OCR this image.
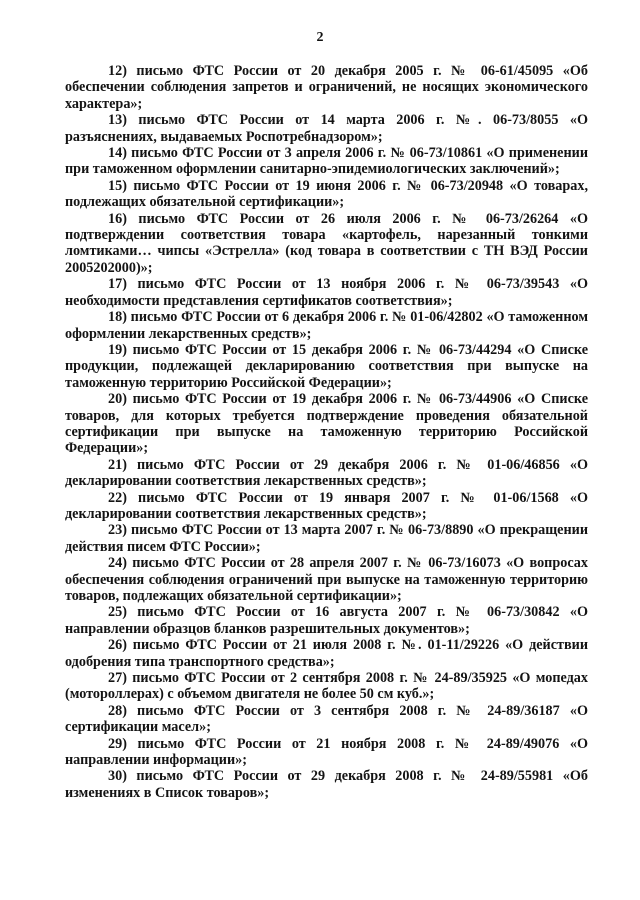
2

12) письмо ФТС России от 20 декабря 2005 г. № 06-61/45095 «Об обеспечении соблюдения запретов и ограничений, не носящих экономического характера»;

13) письмо ФТС России от 14 марта 2006 г. №. 06-73/8055 «О разъяснениях, выдаваемых Роспотребнадзором»;

14) письмо ФТС России от 3 апреля 2006 г. № 06-73/10861 «О применении при таможенном оформлении санитарно-эпидемиологических заключений»;

15) письмо ФТС России от 19 июня 2006 г. № 06-73/20948 «О товарах, подлежащих обязательной сертификации»;

16) письмо ФТС России от 26 июля 2006 г. № 06-73/26264 «О подтверждении соответствия товара «картофель, нарезанный тонкими ломтиками… чипсы «Эстрелла» (код товара в соответствии с ТН ВЭД России 2005202000)»;

17) письмо ФТС России от 13 ноября 2006 г. № 06-73/39543 «О необходимости представления сертификатов соответствия»;

18) письмо ФТС России от 6 декабря 2006 г. № 01-06/42802 «О таможенном оформлении лекарственных средств»;

19) письмо ФТС России от 15 декабря 2006 г. № 06-73/44294 «О Списке продукции, подлежащей декларированию соответствия при выпуске на таможенную территорию Российской Федерации»;

20) письмо ФТС России от 19 декабря 2006 г. № 06-73/44906 «О Списке товаров, для которых требуется подтверждение проведения обязательной сертификации при выпуске на таможенную территорию Российской Федерации»;

21) письмо ФТС России от 29 декабря 2006 г. № 01-06/46856 «О декларировании соответствия лекарственных средств»;

22) письмо ФТС России от 19 января 2007 г. № 01-06/1568 «О декларировании соответствия лекарственных средств»;

23) письмо ФТС России от 13 марта 2007 г. № 06-73/8890 «О прекращении действия писем ФТС России»;

24) письмо ФТС России от 28 апреля 2007 г. № 06-73/16073 «О вопросах обеспечения соблюдения ограничений при выпуске на таможенную территорию товаров, подлежащих обязательной сертификации»;

25) письмо ФТС России от 16 августа 2007 г. № 06-73/30842 «О направлении образцов бланков разрешительных документов»;

26) письмо ФТС России от 21 июля 2008 г. №. 01-11/29226 «О действии одобрения типа транспортного средства»;

27) письмо ФТС России от 2 сентября 2008 г. № 24-89/35925 «О мопедах (мотороллерах) с объемом двигателя не более 50 см куб.»;

28) письмо ФТС России от 3 сентября 2008 г. № 24-89/36187 «О сертификации масел»;

29) письмо ФТС России от 21 ноября 2008 г. № 24-89/49076 «О направлении информации»;

30) письмо ФТС России от 29 декабря 2008 г. № 24-89/55981 «Об изменениях в Список товаров»;
